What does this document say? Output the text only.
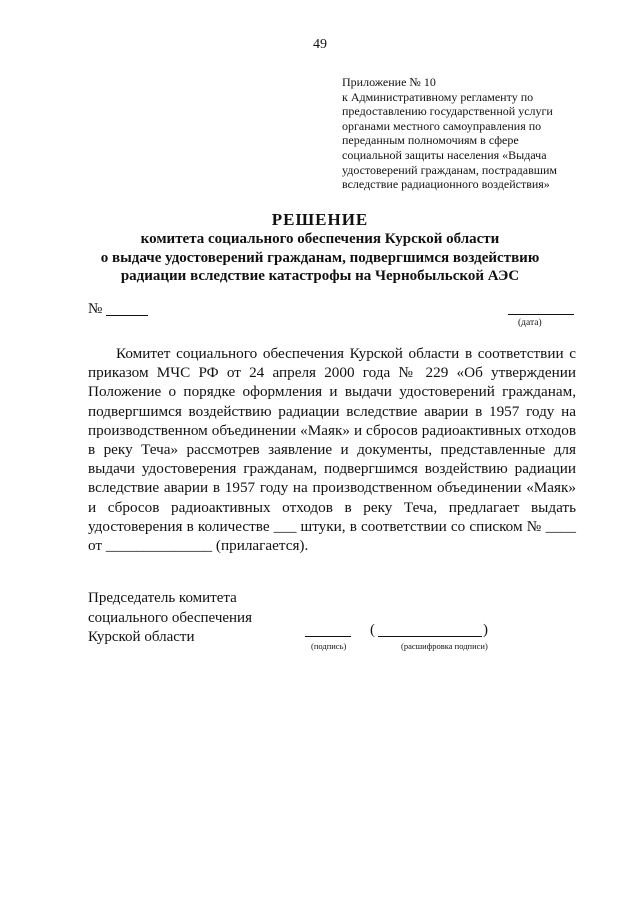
49
Приложение № 10
к Административному регламенту по
предоставлению государственной услуги
органами местного самоуправления по
переданным полномочиям в сфере
социальной защиты населения «Выдача
удостоверений гражданам, пострадавшим
вследствие радиационного воздействия»
РЕШЕНИЕ
комитета социального обеспечения Курской области
о выдаче удостоверений гражданам, подвергшимся воздействию
радиации вследствие катастрофы на Чернобыльской АЭС
№
(дата)
Комитет социального обеспечения Курской области в соответствии с
приказом МЧС РФ от 24 апреля 2000 года № 229 «Об утверждении
Положение о порядке оформления и выдачи удостоверений гражданам,
подвергшимся воздействию радиации вследствие аварии в 1957 году на
производственном объединении «Маяк» и сбросов радиоактивных отходов
в реку Теча» рассмотрев заявление и документы, представленные для
выдачи удостоверения гражданам, подвергшимся воздействию радиации
вследствие аварии в 1957 году на производственном объединении «Маяк»
и сбросов радиоактивных отходов в реку Теча, предлагает выдать
удостоверения в количестве ___ штуки, в соответствии со списком № ____
от ______________ (прилагается).
Председатель комитета
социального обеспечения
Курской области
(подпись)
(	)
(расшифровка подписи)
